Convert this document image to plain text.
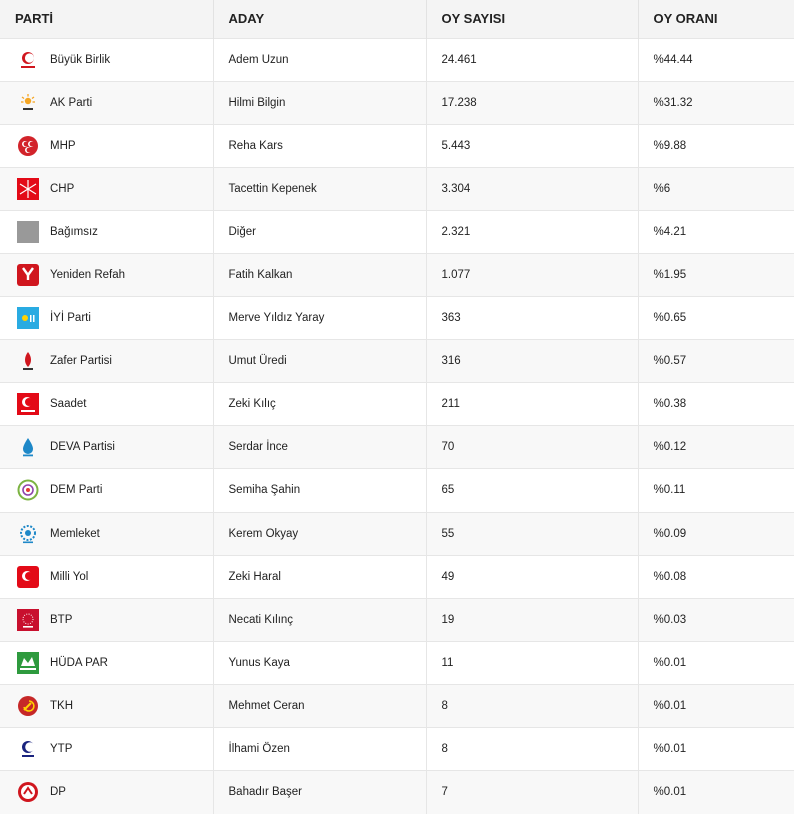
PARTİ	ADAY	OY SAYISI	OY ORANI

Büyük Birlik	Adem Uzun	24.461	%44.44

AK Parti	Hilmi Bilgin	17.238	%31.32

MHP	Reha Kars	5.443	%9.88

CHP	Tacettin Kepenek	3.304	%6

Bağımsız	Diğer	2.321	%4.21

Yeniden Refah	Fatih Kalkan	1.077	%1.95

İYİ Parti	Merve Yıldız Yaray	363	%0.65

Zafer Partisi	Umut Üredi	316	%0.57

Saadet	Zeki Kılıç	211	%0.38

DEVA Partisi	Serdar İnce	70	%0.12

DEM Parti	Semiha Şahin	65	%0.11

Memleket	Kerem Okyay	55	%0.09

Milli Yol	Zeki Haral	49	%0.08

BTP	Necati Kılınç	19	%0.03

HÜDA PAR	Yunus Kaya	11	%0.01

TKH	Mehmet Ceran	8	%0.01

YTP	İlhami Özen	8	%0.01

DP	Bahadır Başer	7	%0.01
